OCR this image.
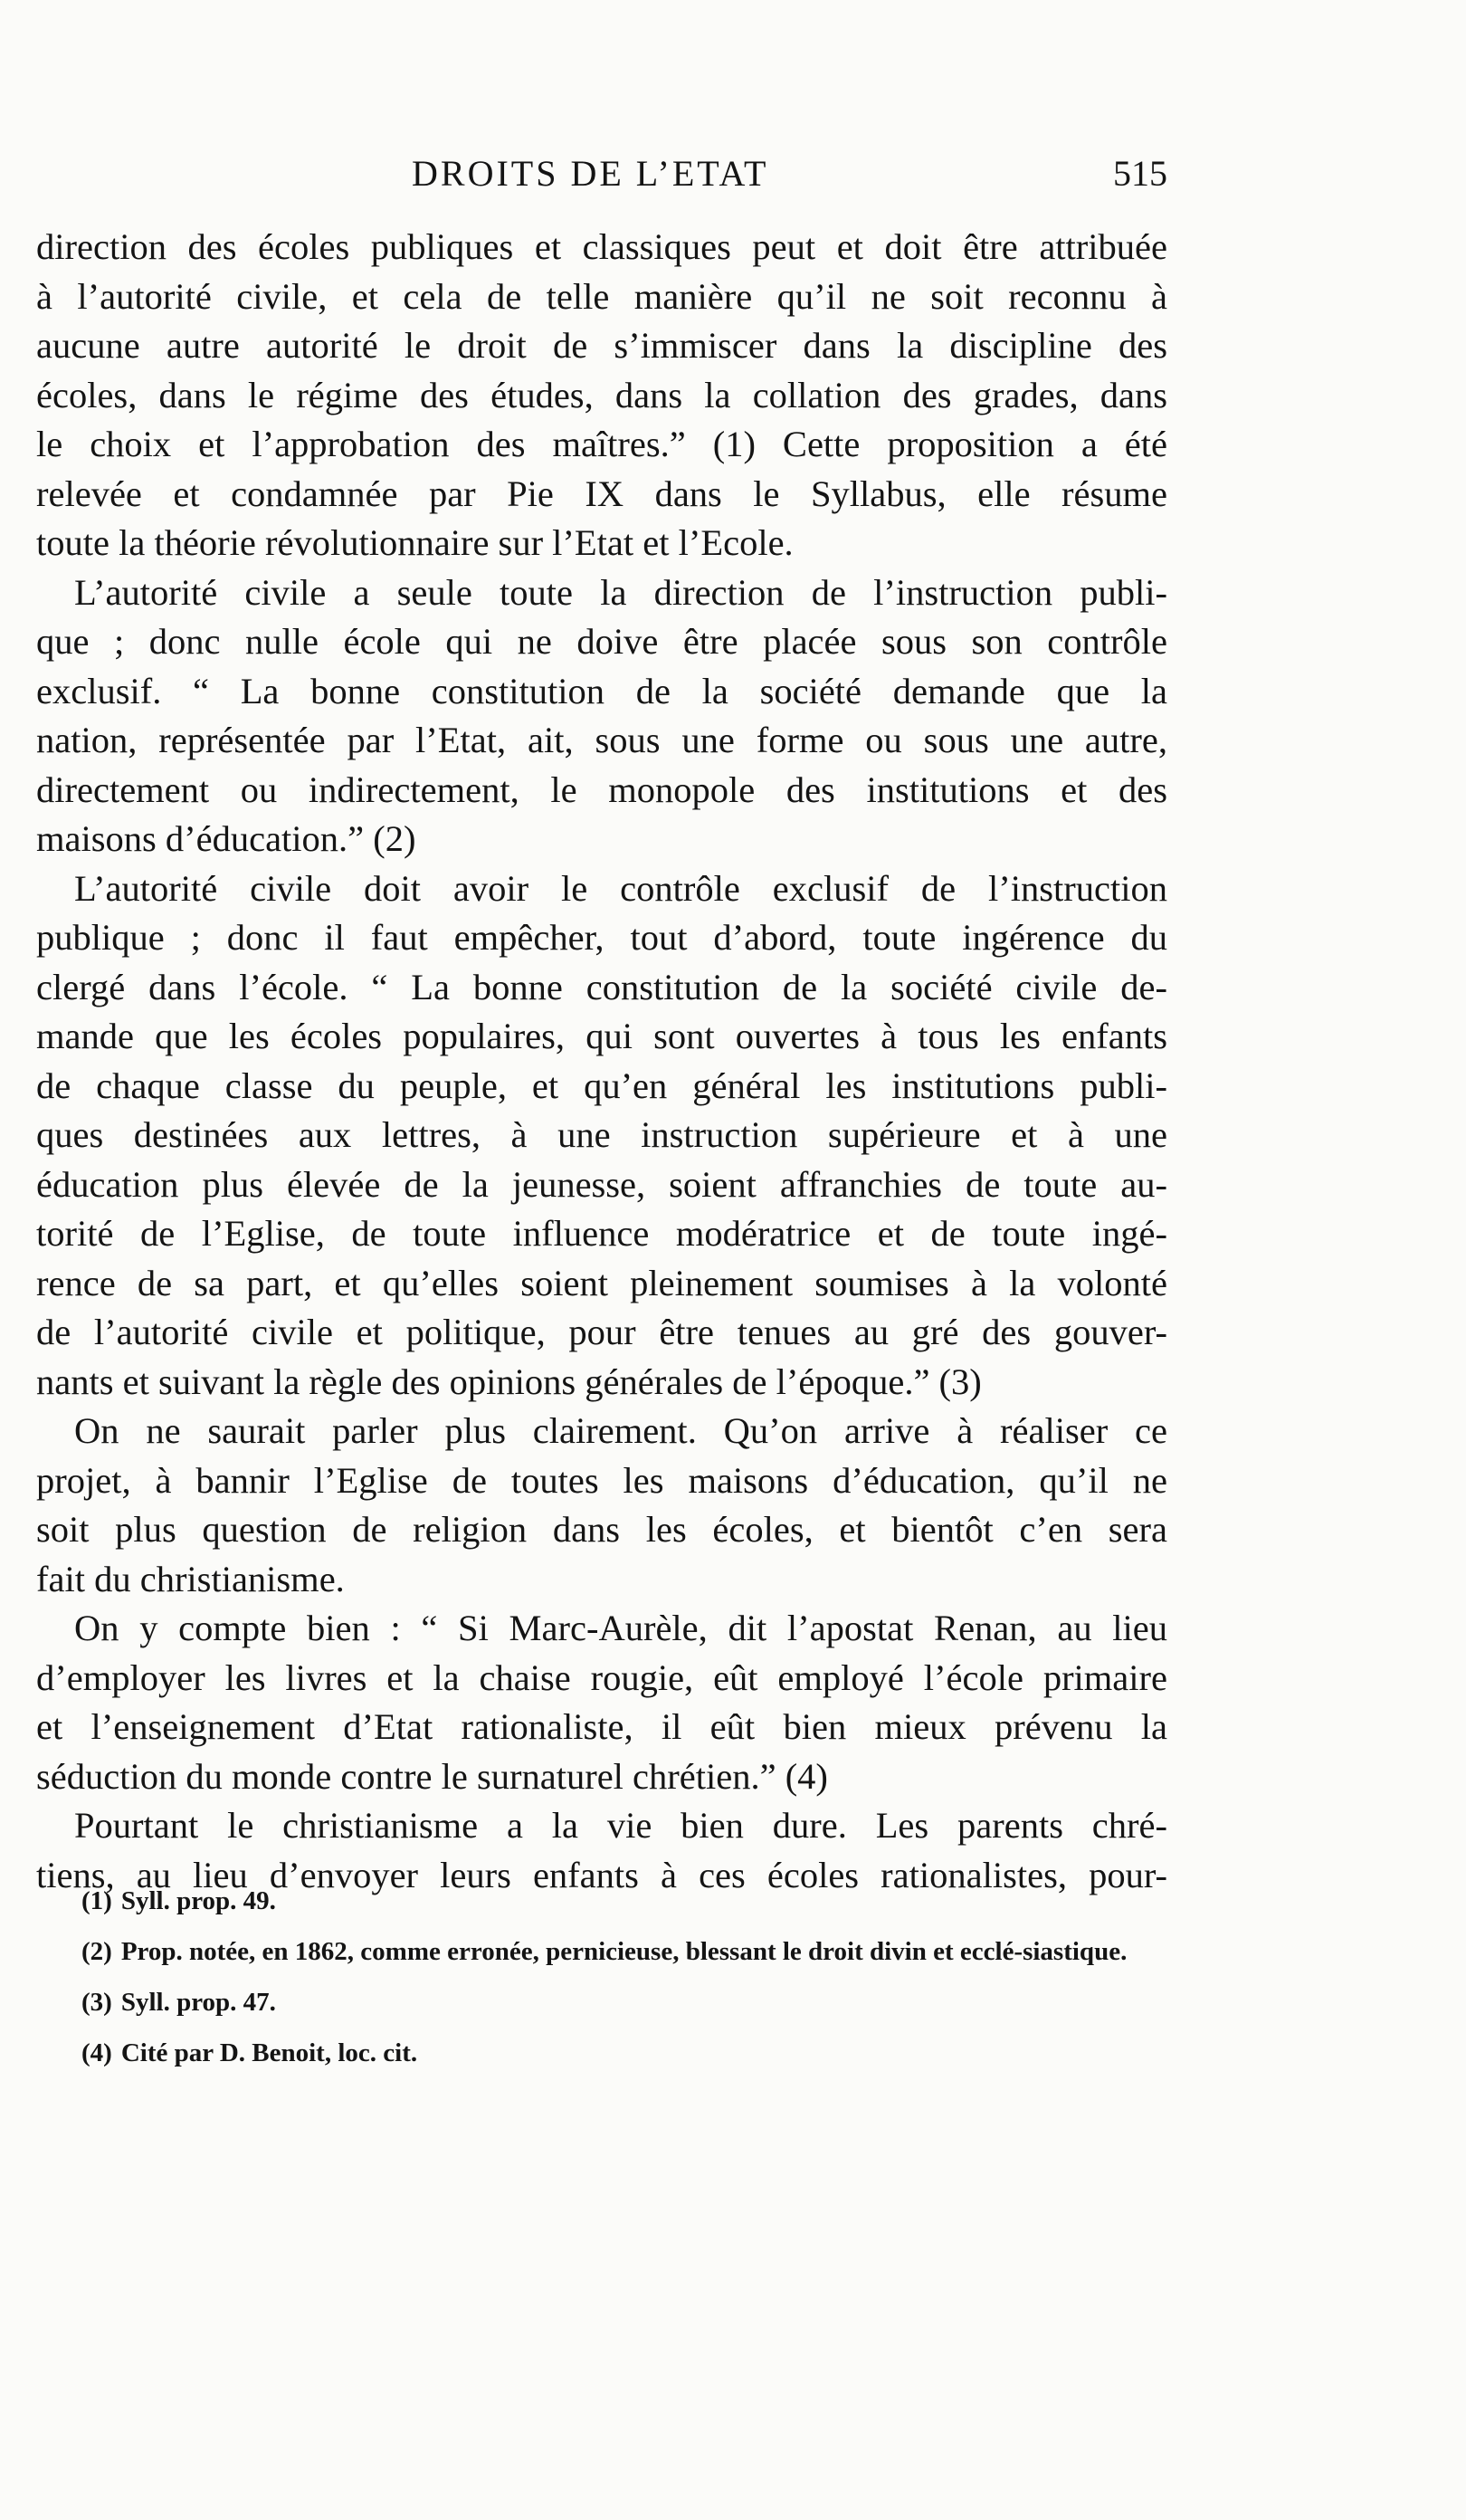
DROITS DE L’ETAT	515
direction des écoles publiques et classiques peut et doit être attribuée
à l’autorité civile, et cela de telle manière qu’il ne soit reconnu à
aucune autre autorité le droit de s’immiscer dans la discipline des
écoles, dans le régime des études, dans la collation des grades, dans
le choix et l’approbation des maîtres.” (1) Cette proposition a été
relevée et condamnée par Pie IX dans le Syllabus, elle résume
toute la théorie révolutionnaire sur l’Etat et l’Ecole.
L’autorité civile a seule toute la direction de l’instruction publi-
que ; donc nulle école qui ne doive être placée sous son contrôle
exclusif. “ La bonne constitution de la société demande que la
nation, représentée par l’Etat, ait, sous une forme ou sous une autre,
directement ou indirectement, le monopole des institutions et des
maisons d’éducation.” (2)
L’autorité civile doit avoir le contrôle exclusif de l’instruction
publique ; donc il faut empêcher, tout d’abord, toute ingérence du
clergé dans l’école. “ La bonne constitution de la société civile de-
mande que les écoles populaires, qui sont ouvertes à tous les enfants
de chaque classe du peuple, et qu’en général les institutions publi-
ques destinées aux lettres, à une instruction supérieure et à une
éducation plus élevée de la jeunesse, soient affranchies de toute au-
torité de l’Eglise, de toute influence modératrice et de toute ingé-
rence de sa part, et qu’elles soient pleinement soumises à la volonté
de l’autorité civile et politique, pour être tenues au gré des gouver-
nants et suivant la règle des opinions générales de l’époque.” (3)
On ne saurait parler plus clairement. Qu’on arrive à réaliser ce
projet, à bannir l’Eglise de toutes les maisons d’éducation, qu’il ne
soit plus question de religion dans les écoles, et bientôt c’en sera
fait du christianisme.
On y compte bien : “ Si Marc-Aurèle, dit l’apostat Renan, au lieu
d’employer les livres et la chaise rougie, eût employé l’école primaire
et l’enseignement d’Etat rationaliste, il eût bien mieux prévenu la
séduction du monde contre le surnaturel chrétien.” (4)
Pourtant le christianisme a la vie bien dure. Les parents chré-
tiens, au lieu d’envoyer leurs enfants à ces écoles rationalistes, pour-
(1) Syll. prop. 49.
(2) Prop. notée, en 1862, comme erronée, pernicieuse, blessant le droit divin et ecclé-siastique.
(3) Syll. prop. 47.
(4) Cité par D. Benoit, loc. cit.
